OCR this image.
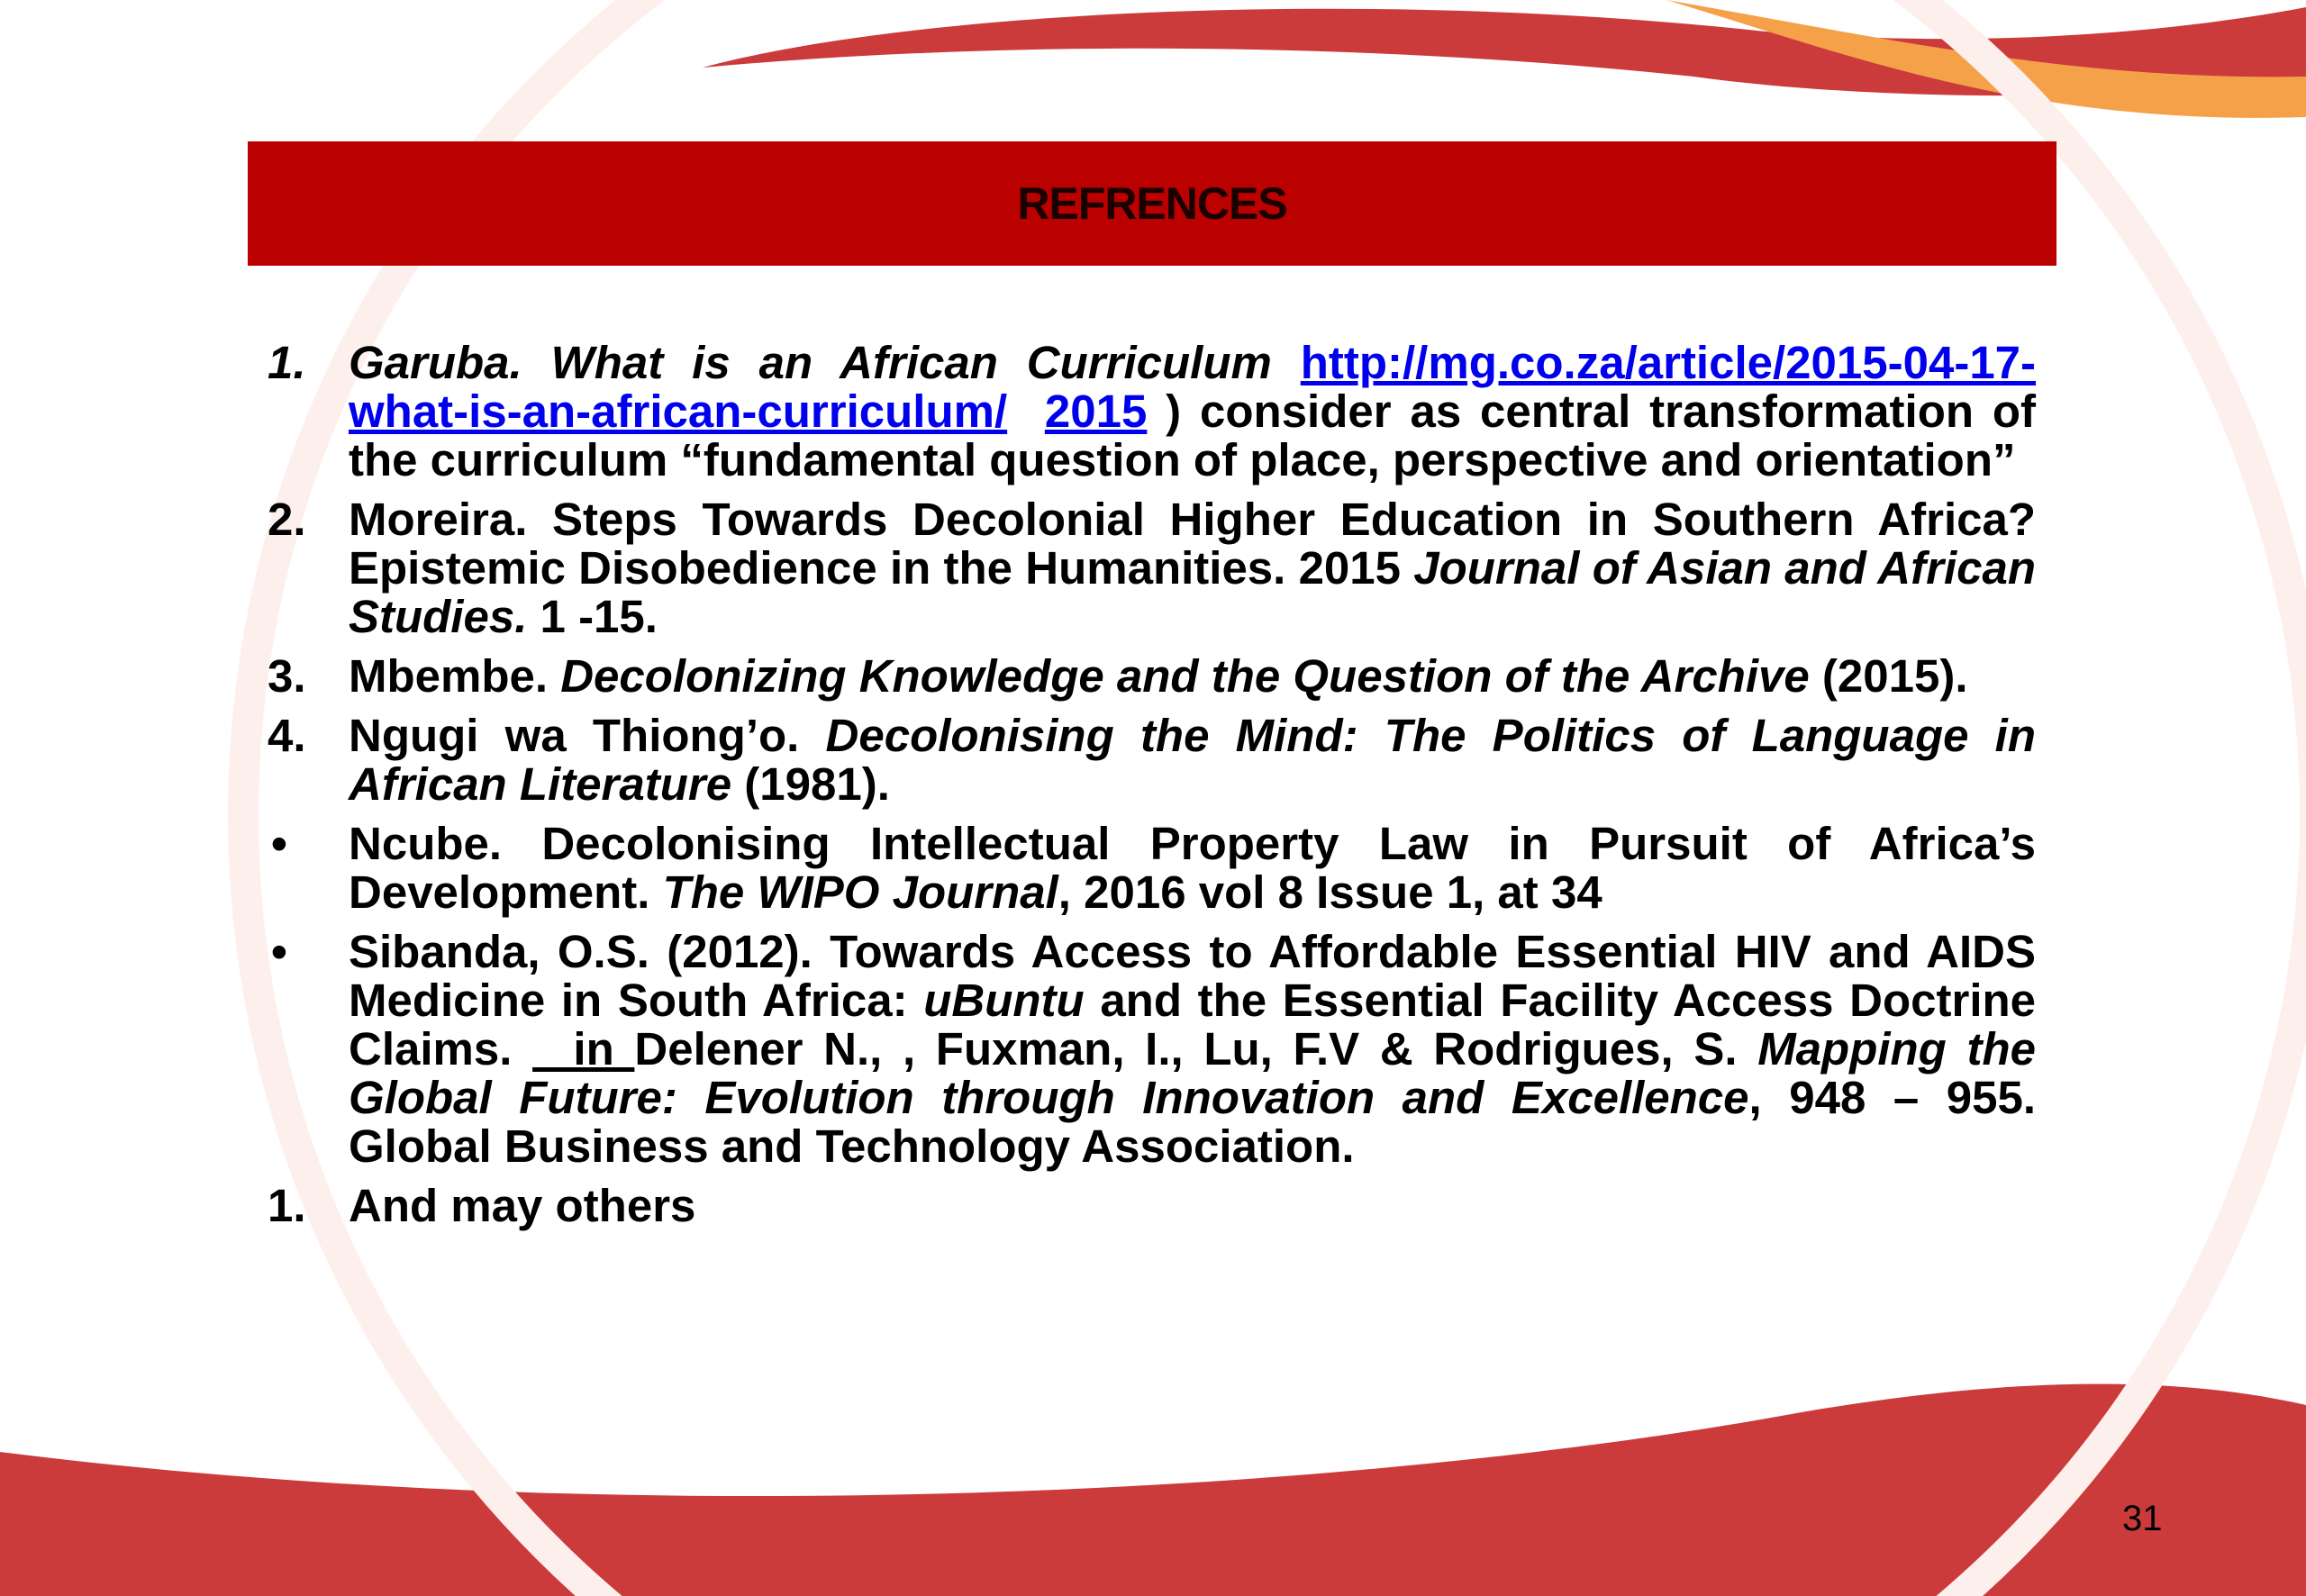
REFRENCES
1. Garuba. What is an African Curriculum http://mg.co.za/article/2015-04-17-what-is-an-african-curriculum/ 2015 ) consider as central transformation of the curriculum “fundamental question of place, perspective and orientation”
2. Moreira. Steps Towards Decolonial Higher Education in Southern Africa? Epistemic Disobedience in the Humanities. 2015 Journal of Asian and African Studies. 1 -15.
3. Mbembe. Decolonizing Knowledge and the Question of the Archive (2015).
4. Ngugi wa Thiong’o. Decolonising the Mind: The Politics of Language in African Literature (1981).
• Ncube. Decolonising Intellectual Property Law in Pursuit of Africa’s Development. The WIPO Journal, 2016 vol 8 Issue 1, at 34
• Sibanda, O.S. (2012). Towards Access to Affordable Essential HIV and AIDS Medicine in South Africa: uBuntu and the Essential Facility Access Doctrine Claims.   in Delener N., , Fuxman, I., Lu, F.V & Rodrigues, S. Mapping the Global Future: Evolution through Innovation and Excellence, 948 – 955. Global Business and Technology Association.
1. And may others
31
